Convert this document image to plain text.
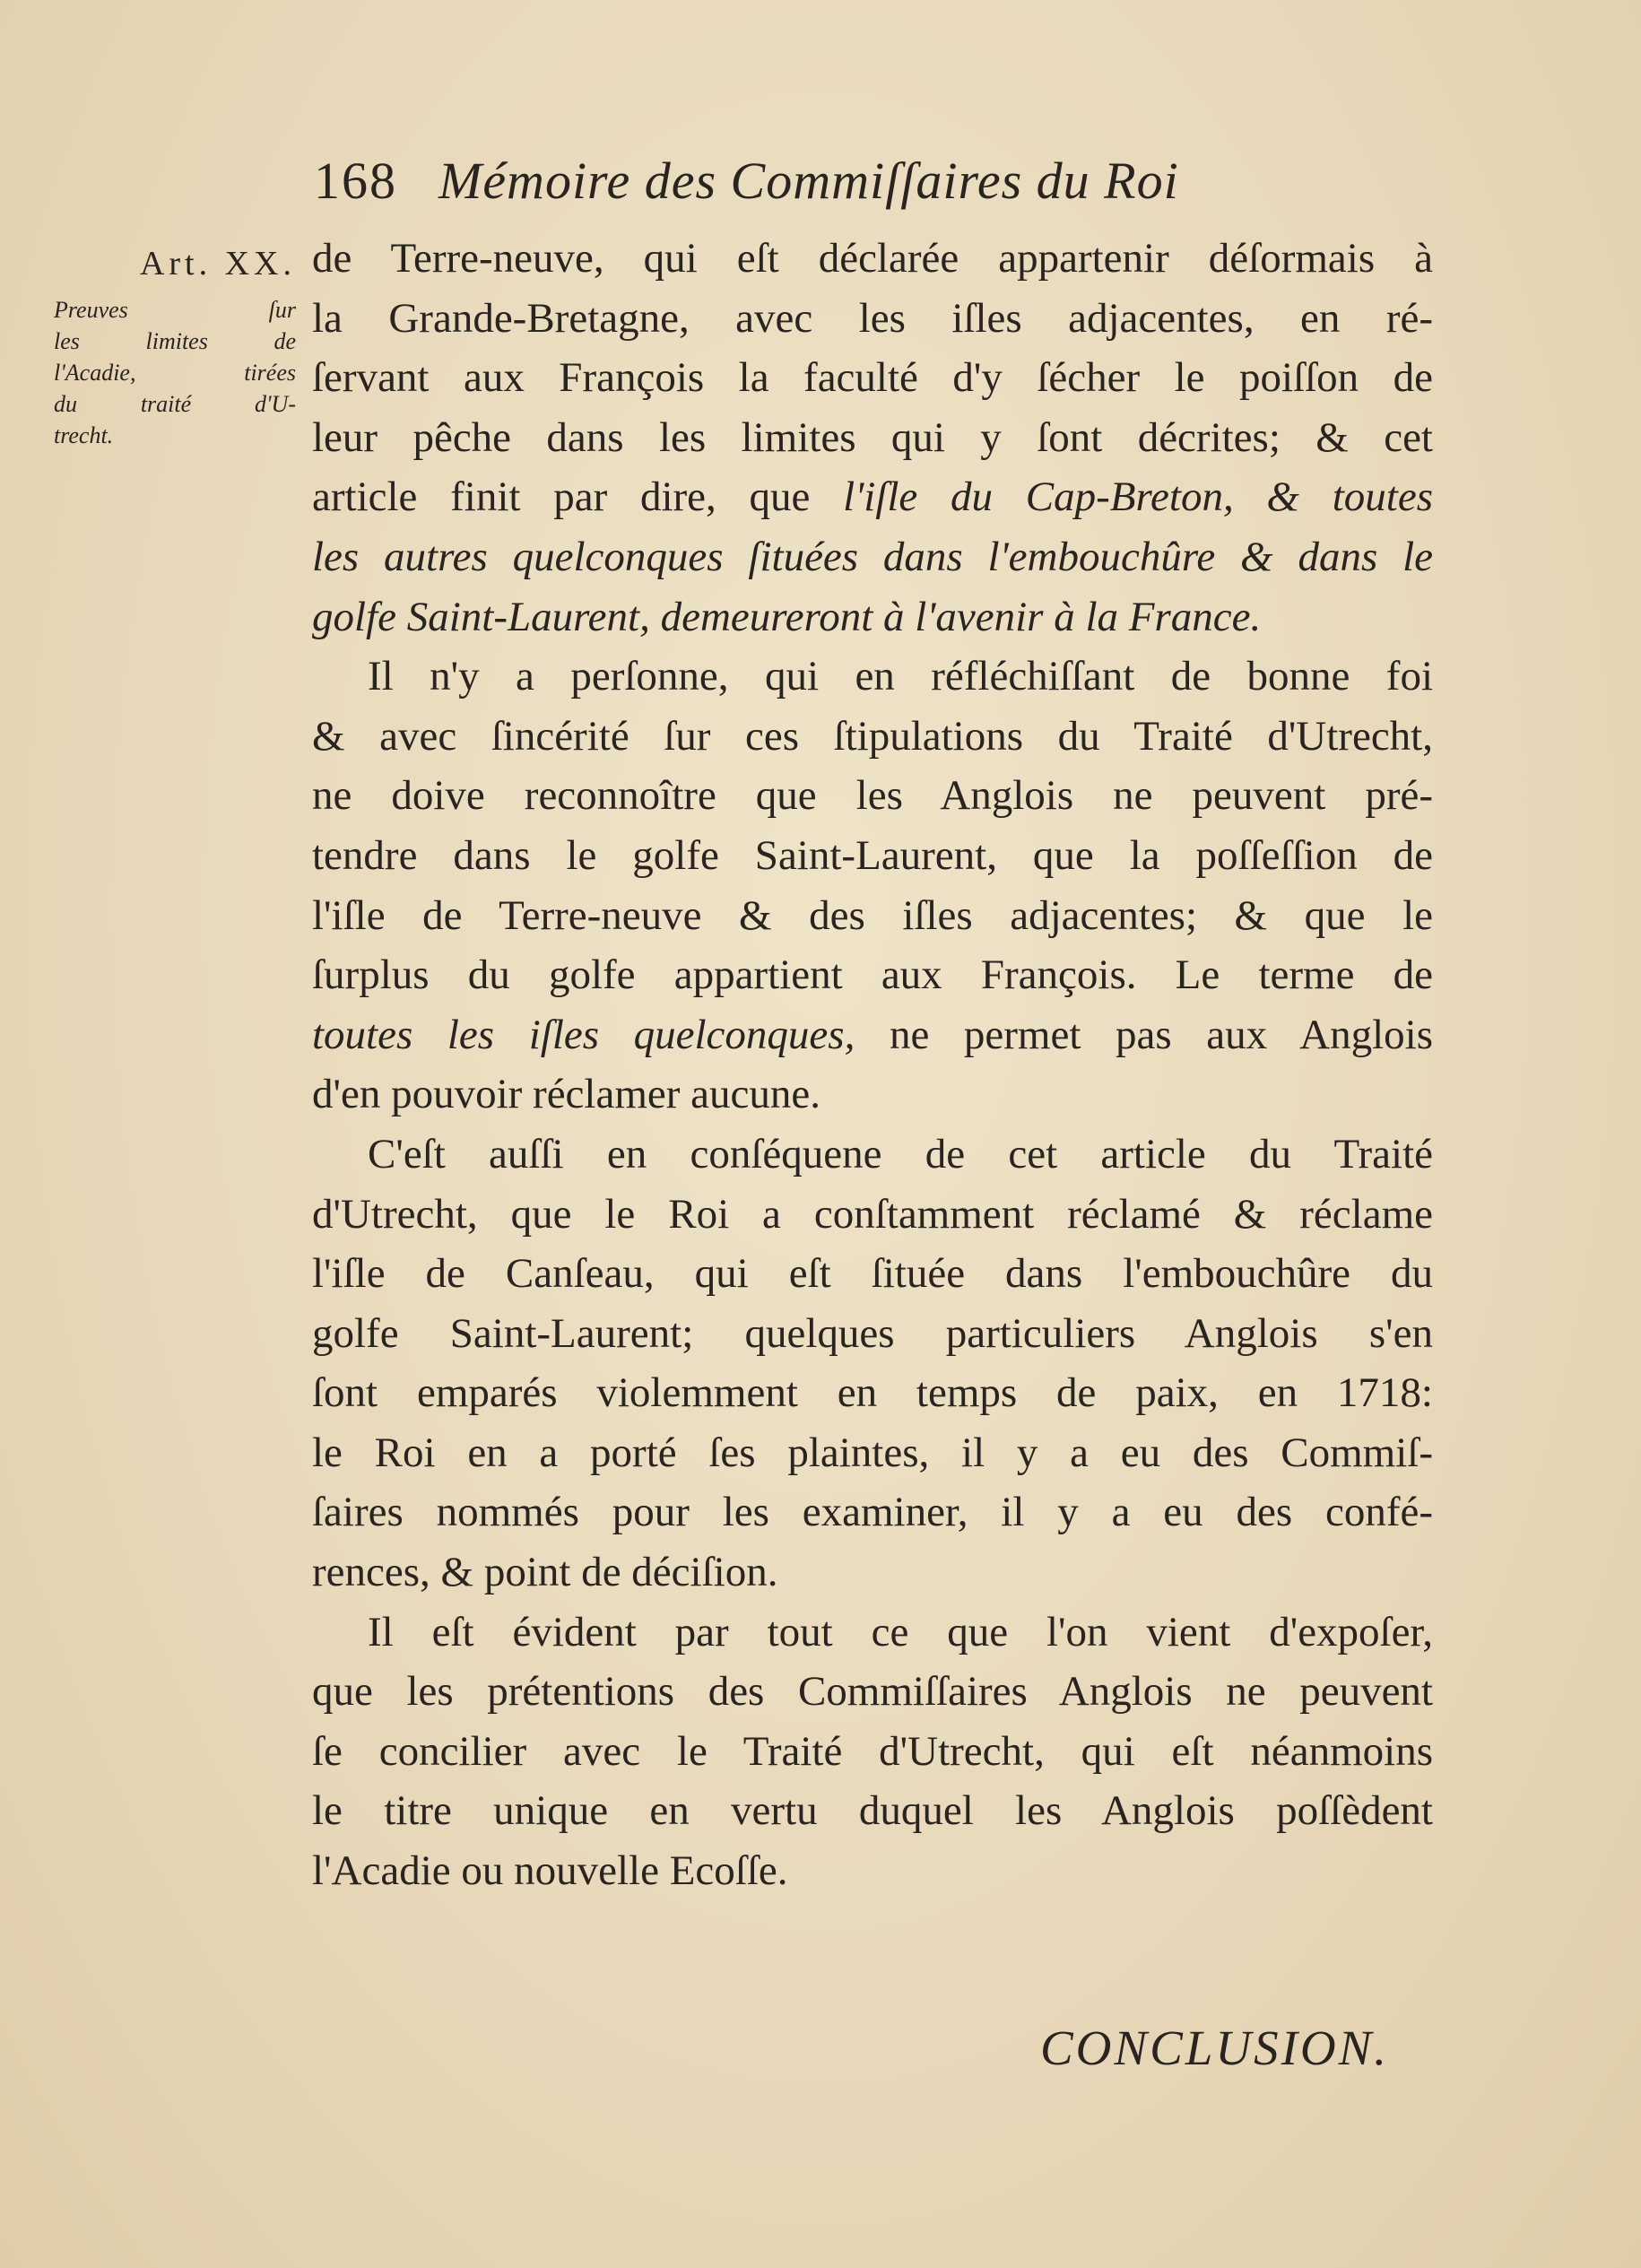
168 Mémoire des Commiſſaires du Roi
Art. XX.
Preuves ſur
les limites de
l'Acadie, tirées
du traité d'U-
trecht.
de Terre-neuve, qui eſt déclarée appartenir déſormais à
la Grande-Bretagne, avec les iſles adjacentes, en ré-
ſervant aux François la faculté d'y ſécher le poiſſon de
leur pêche dans les limites qui y ſont décrites; & cet
article finit par dire, que l'iſle du Cap-Breton, & toutes
les autres quelconques ſituées dans l'embouchûre & dans le
golfe Saint-Laurent, demeureront à l'avenir à la France.
Il n'y a perſonne, qui en réfléchiſſant de bonne foi
& avec ſincérité ſur ces ſtipulations du Traité d'Utrecht,
ne doive reconnoître que les Anglois ne peuvent pré-
tendre dans le golfe Saint-Laurent, que la poſſeſſion de
l'iſle de Terre-neuve & des iſles adjacentes; & que le
ſurplus du golfe appartient aux François. Le terme de
toutes les iſles quelconques, ne permet pas aux Anglois
d'en pouvoir réclamer aucune.
C'eſt auſſi en conſéquene de cet article du Traité
d'Utrecht, que le Roi a conſtamment réclamé & réclame
l'iſle de Canſeau, qui eſt ſituée dans l'embouchûre du
golfe Saint-Laurent; quelques particuliers Anglois s'en
ſont emparés violemment en temps de paix, en 1718:
le Roi en a porté ſes plaintes, il y a eu des Commiſ-
ſaires nommés pour les examiner, il y a eu des confé-
rences, & point de déciſion.
Il eſt évident par tout ce que l'on vient d'expoſer,
que les prétentions des Commiſſaires Anglois ne peuvent
ſe concilier avec le Traité d'Utrecht, qui eſt néanmoins
le titre unique en vertu duquel les Anglois poſſèdent
l'Acadie ou nouvelle Ecoſſe.
CONCLUSION.
